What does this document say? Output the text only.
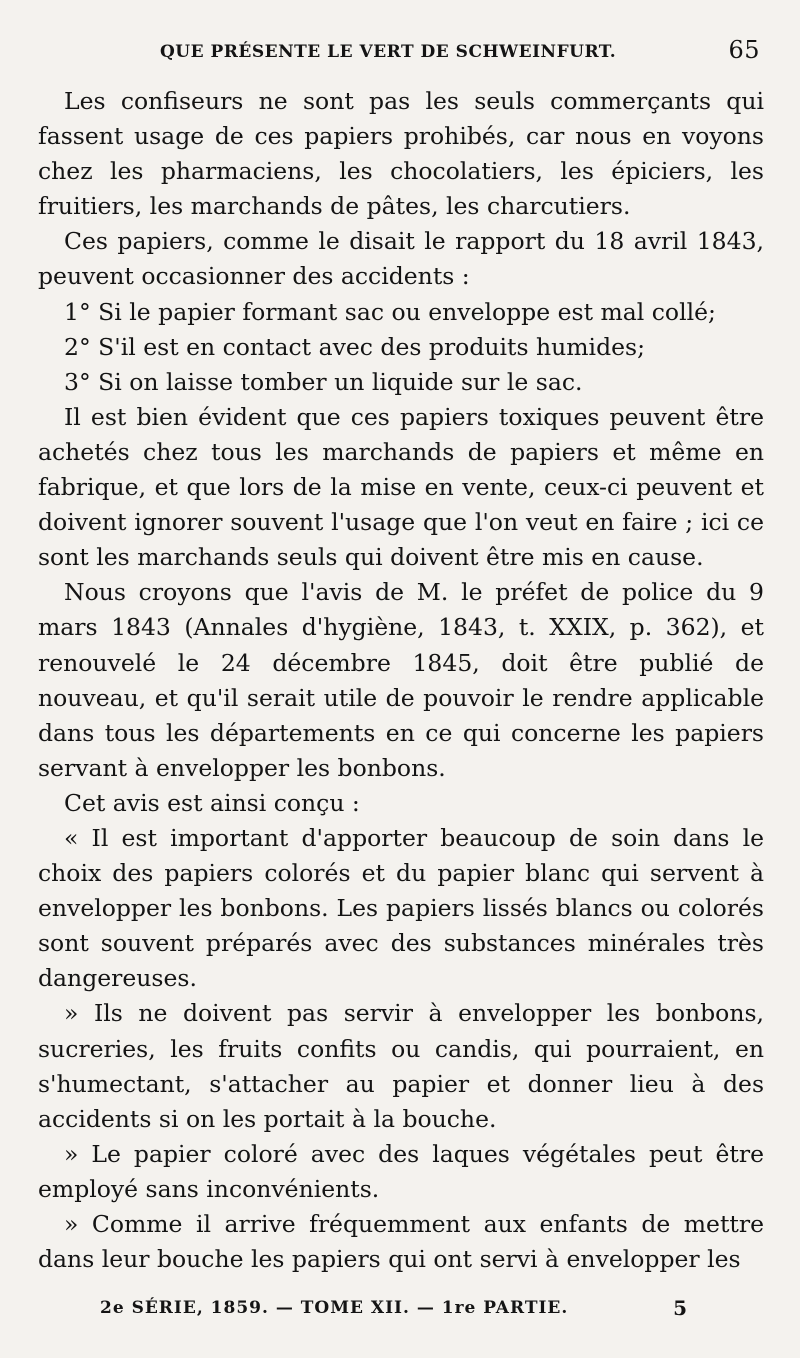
QUE PRÉSENTE LE VERT DE SCHWEINFURT.	65

Les confiseurs ne sont pas les seuls commerçants qui fassent usage de ces papiers prohibés, car nous en voyons chez les pharmaciens, les chocolatiers, les épiciers, les fruitiers, les marchands de pâtes, les charcutiers.

Ces papiers, comme le disait le rapport du 18 avril 1843, peuvent occasionner des accidents :

1° Si le papier formant sac ou enveloppe est mal collé;

2° S'il est en contact avec des produits humides;

3° Si on laisse tomber un liquide sur le sac.

Il est bien évident que ces papiers toxiques peuvent être achetés chez tous les marchands de papiers et même en fabrique, et que lors de la mise en vente, ceux-ci peuvent et doivent ignorer souvent l'usage que l'on veut en faire ; ici ce sont les marchands seuls qui doivent être mis en cause.

Nous croyons que l'avis de M. le préfet de police du 9 mars 1843 (Annales d'hygiène, 1843, t. XXIX, p. 362), et renouvelé le 24 décembre 1845, doit être publié de nouveau, et qu'il serait utile de pouvoir le rendre applicable dans tous les départements en ce qui concerne les papiers servant à envelopper les bonbons.

Cet avis est ainsi conçu :

« Il est important d'apporter beaucoup de soin dans le choix des papiers colorés et du papier blanc qui servent à envelopper les bonbons. Les papiers lissés blancs ou colorés sont souvent préparés avec des substances minérales très dangereuses.

» Ils ne doivent pas servir à envelopper les bonbons, sucreries, les fruits confits ou candis, qui pourraient, en s'humectant, s'attacher au papier et donner lieu à des accidents si on les portait à la bouche.

» Le papier coloré avec des laques végétales peut être employé sans inconvénients.

» Comme il arrive fréquemment aux enfants de mettre dans leur bouche les papiers qui ont servi à envelopper les

2e SÉRIE, 1859. — TOME XII. — 1re PARTIE.	5
